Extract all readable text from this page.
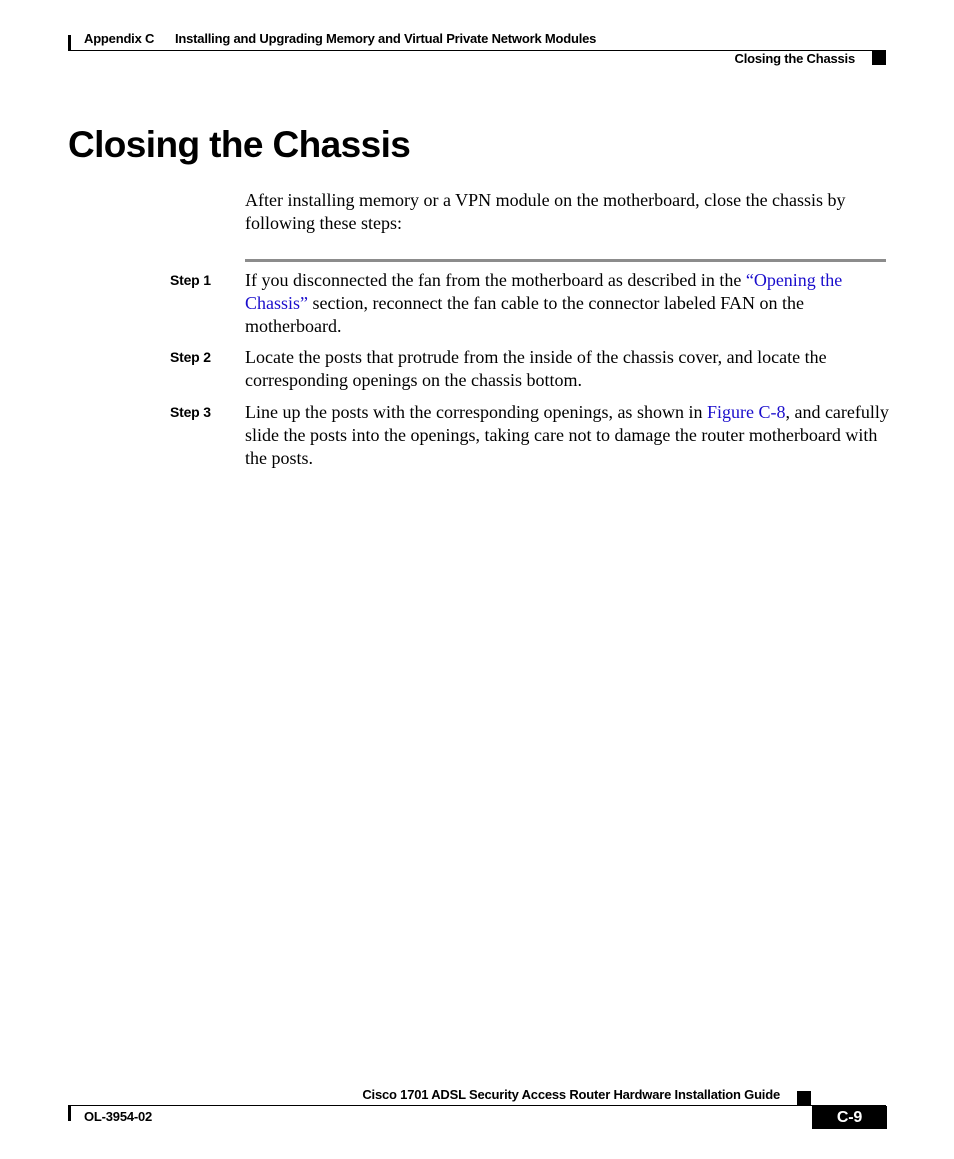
Appendix C Installing and Upgrading Memory and Virtual Private Network Modules
Closing the Chassis
Closing the Chassis

After installing memory or a VPN module on the motherboard, close the chassis by following these steps:

Step 1 If you disconnected the fan from the motherboard as described in the “Opening the Chassis” section, reconnect the fan cable to the connector labeled FAN on the motherboard.

Step 2 Locate the posts that protrude from the inside of the chassis cover, and locate the corresponding openings on the chassis bottom.

Step 3 Line up the posts with the corresponding openings, as shown in Figure C-8, and carefully slide the posts into the openings, taking care not to damage the router motherboard with the posts.

Cisco 1701 ADSL Security Access Router Hardware Installation Guide
OL-3954-02	C-9
